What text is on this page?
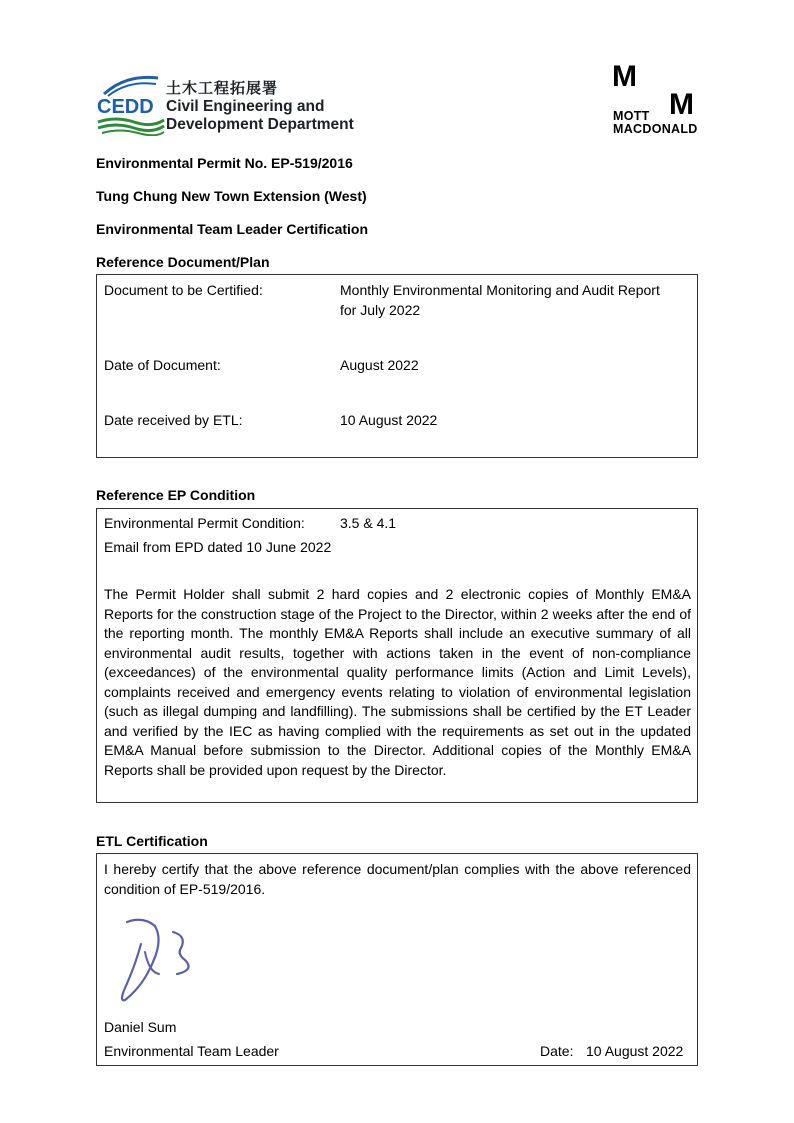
CEDD
土木工程拓展署
Civil Engineering and
Development Department
M
M
MOTT
MACDONALD
Environmental Permit No. EP-519/2016
Tung Chung New Town Extension (West)
Environmental Team Leader Certification
Reference Document/Plan
Document to be Certified:	Monthly Environmental Monitoring and Audit Report
for July 2022
Date of Document:	August 2022
Date received by ETL:	10 August 2022
Reference EP Condition
Environmental Permit Condition:	3.5 & 4.1
Email from EPD dated 10 June 2022
The Permit Holder shall submit 2 hard copies and 2 electronic copies of Monthly EM&A Reports for the construction stage of the Project to the Director, within 2 weeks after the end of the reporting month. The monthly EM&A Reports shall include an executive summary of all environmental audit results, together with actions taken in the event of non-compliance (exceedances) of the environmental quality performance limits (Action and Limit Levels), complaints received and emergency events relating to violation of environmental legislation (such as illegal dumping and landfilling). The submissions shall be certified by the ET Leader and verified by the IEC as having complied with the requirements as set out in the updated EM&A Manual before submission to the Director. Additional copies of the Monthly EM&A Reports shall be provided upon request by the Director.
ETL Certification
I hereby certify that the above reference document/plan complies with the above referenced condition of EP-519/2016.
Daniel Sum
Environmental Team Leader	Date: 10 August 2022
